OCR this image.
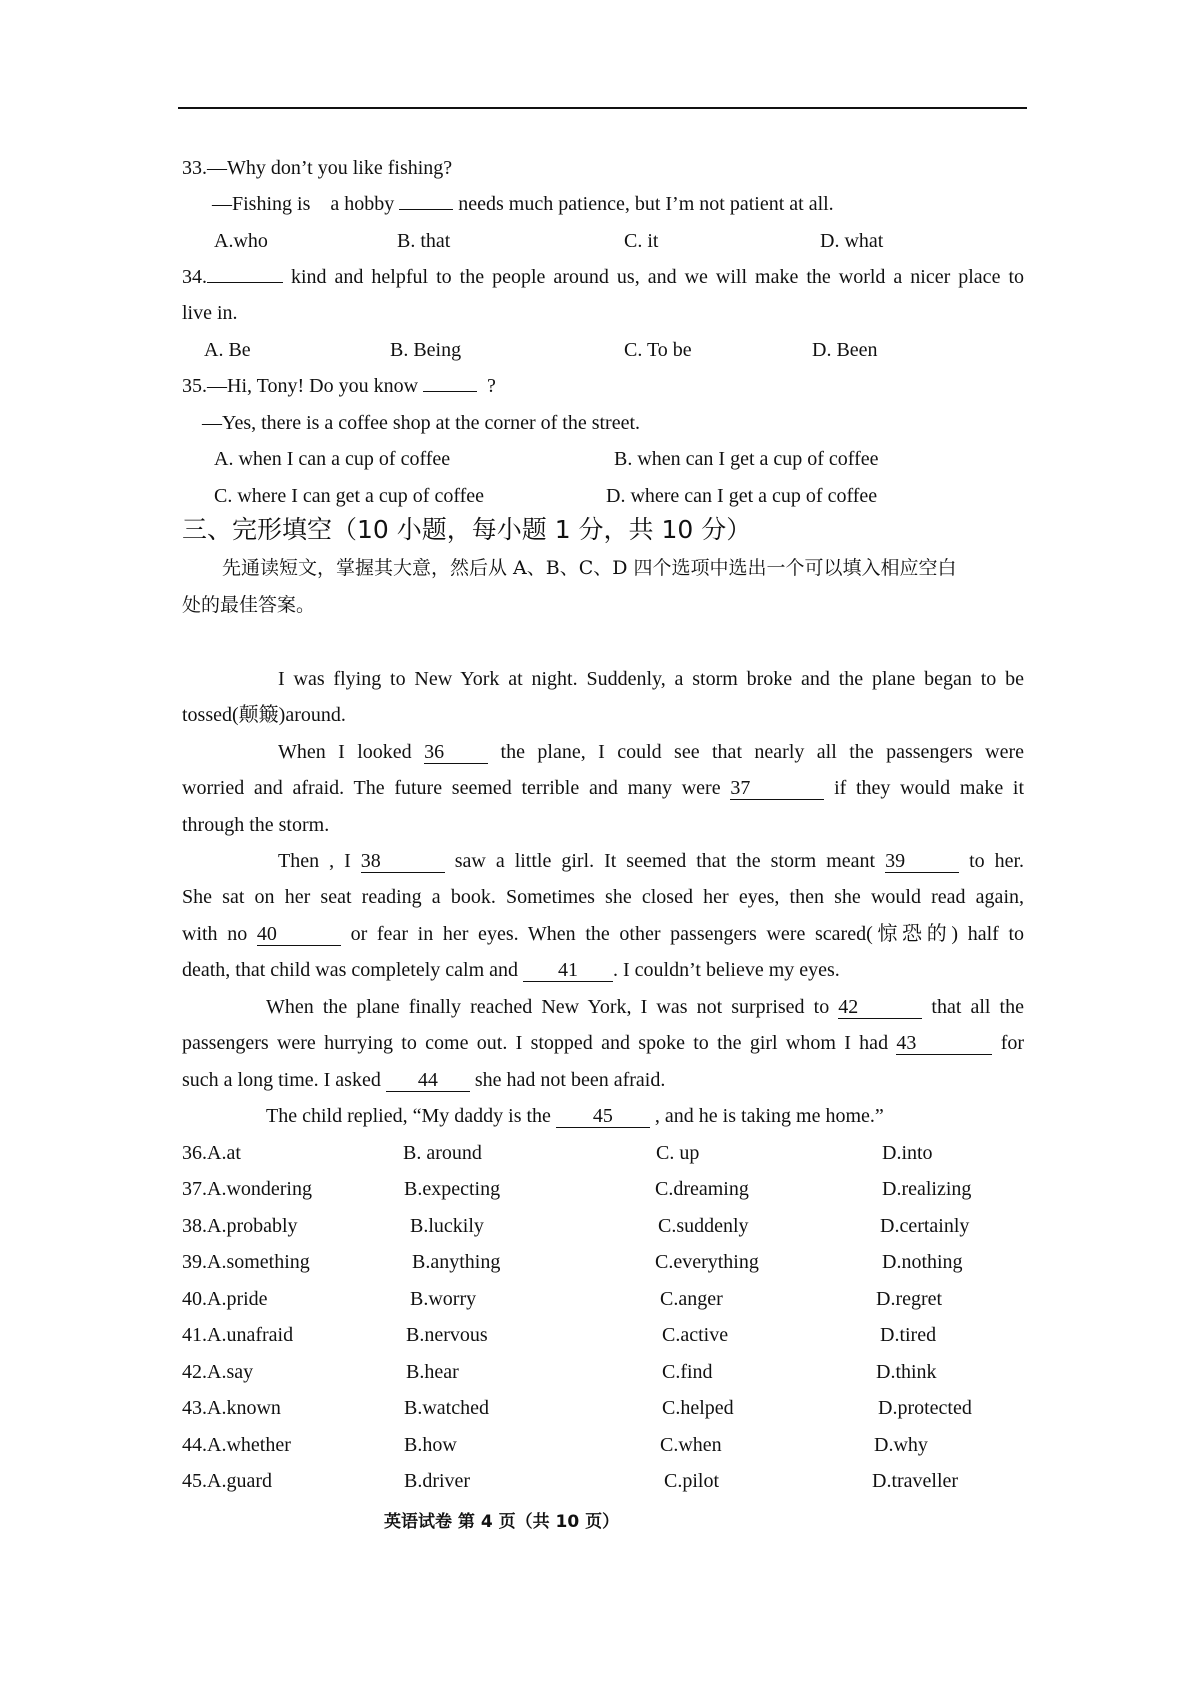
33.—Why don’t you like fishing?
—Fishing is    a hobby	needs much patience, but I’m not patient at all.
A.who	B. that	C. it	D. what
34.	kind and helpful to the people around us, and we will make the world a nicer place to
live in.
A. Be	B. Being	C. To be	D. Been
35.—Hi, Tony! Do you know	?
—Yes, there is a coffee shop at the corner of the street.
A. when I can a cup of coffee	B. when can I get a cup of coffee
C. where I can get a cup of coffee	D. where can I get a cup of coffee
三、完形填空（10 小题，每小题 1 分，共 10 分）
先通读短文，掌握其大意，然后从 A、B、C、D 四个选项中选出一个可以填入相应空白
处的最佳答案。
I was flying to New York at night. Suddenly, a storm broke and the plane began to be
tossed(颠簸)around.
When I looked 36	the plane, I could see that nearly all the passengers were
worried and afraid. The future seemed terrible and many were 37	if they would make it
through the storm.
Then , I 38	saw a little girl. It seemed that the storm meant 39	to her.
She sat on her seat reading a book. Sometimes she closed her eyes, then she would read again,
with no 40	or fear in her eyes. When the other passengers were scared(惊恐的) half to
death, that child was completely calm and 41 . I couldn’t believe my eyes.
When the plane finally reached New York, I was not surprised to 42	that all the
passengers were hurrying to come out. I stopped and spoke to the girl whom I had 43	for
such a long time. I asked 44 she had not been afraid.
The child replied, “My daddy is the 45 , and he is taking me home.”
36.A.at	B. around	C. up	D.into
37.A.wondering	B.expecting	C.dreaming	D.realizing
38.A.probably	B.luckily	C.suddenly	D.certainly
39.A.something	B.anything	C.everything	D.nothing
40.A.pride	B.worry	C.anger	D.regret
41.A.unafraid	B.nervous	C.active	D.tired
42.A.say	B.hear	C.find	D.think
43.A.known	B.watched	C.helped	D.protected
44.A.whether	B.how	C.when	D.why
45.A.guard	B.driver	C.pilot	D.traveller
英语试卷 第 4 页（共 10 页）
